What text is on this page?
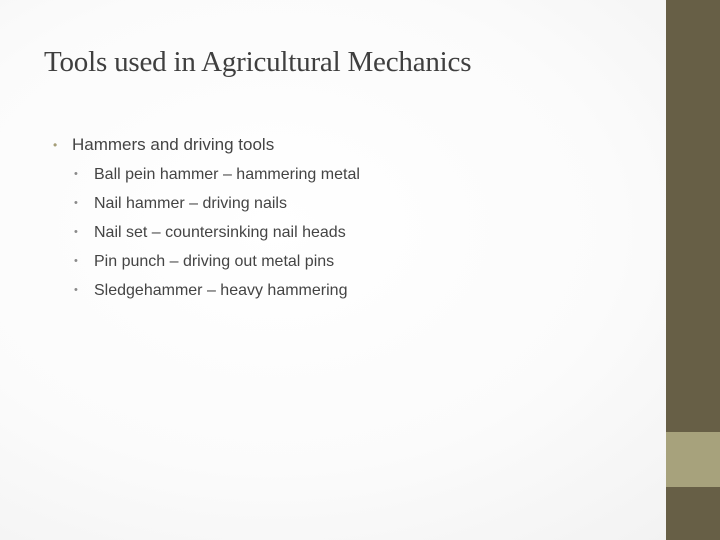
Tools used in Agricultural Mechanics
• Hammers and driving tools
• Ball pein hammer – hammering metal
• Nail hammer – driving nails
• Nail set – countersinking nail heads
• Pin punch – driving out metal pins
• Sledgehammer – heavy hammering
